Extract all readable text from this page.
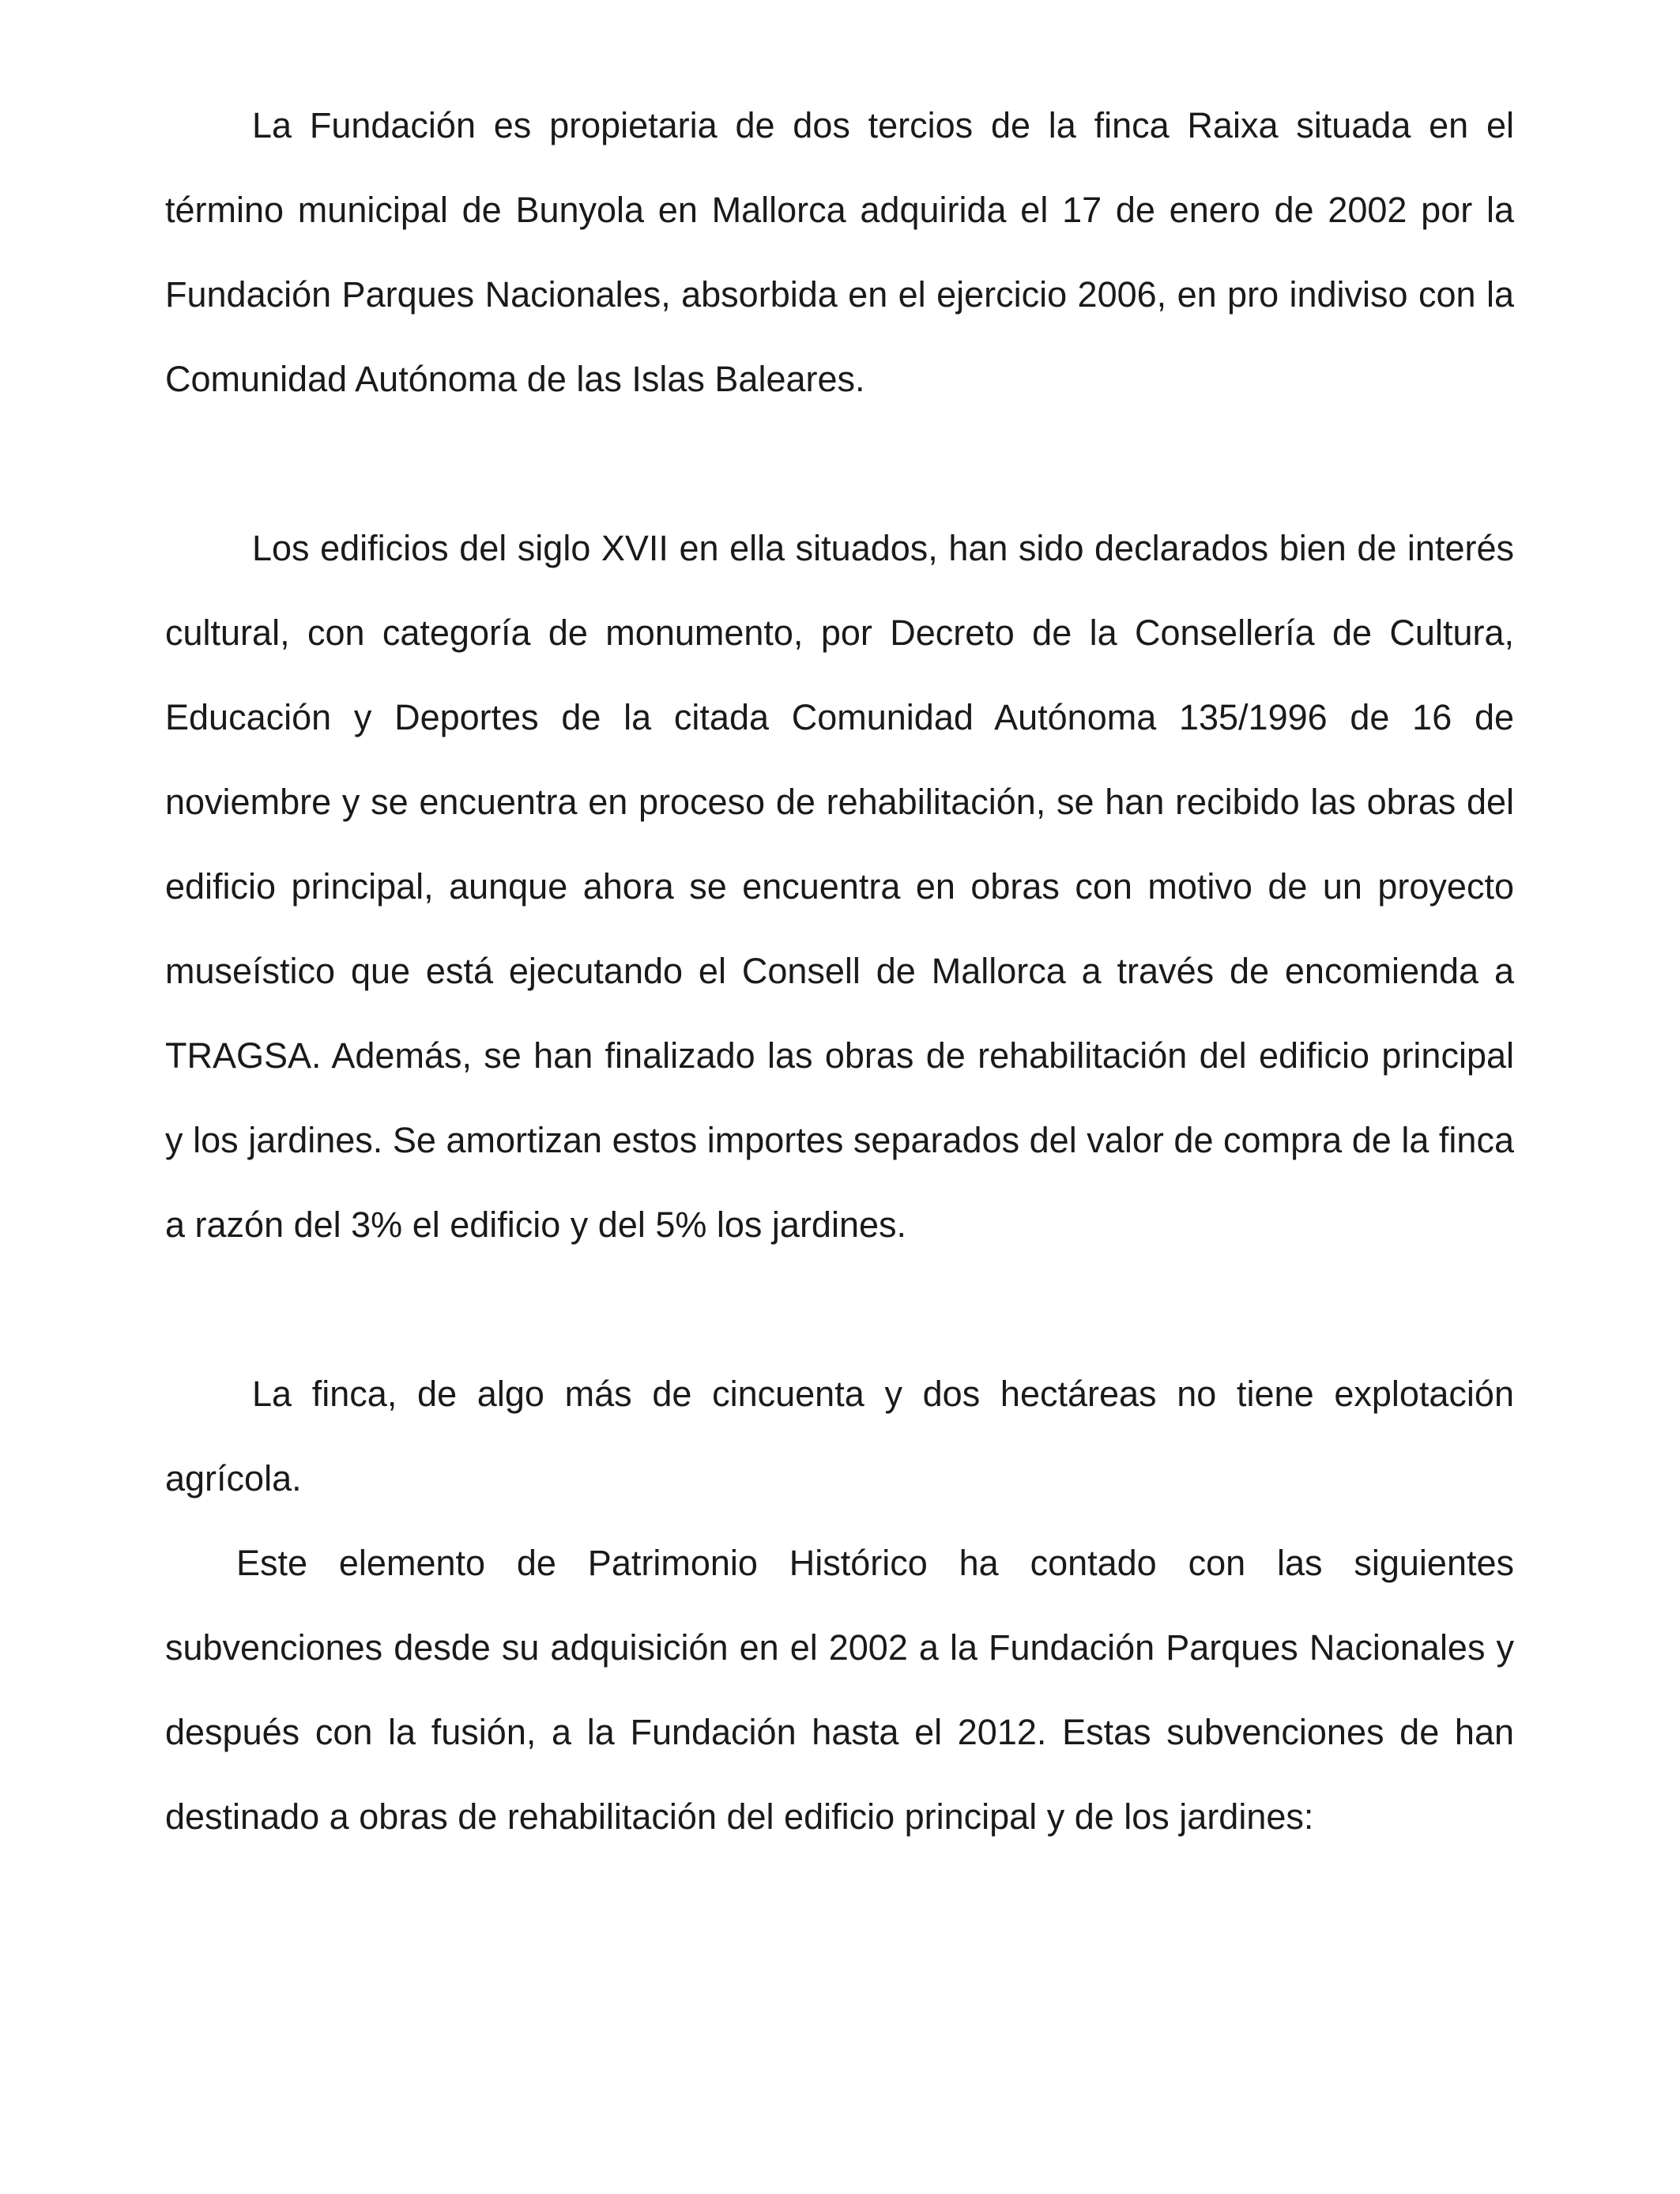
La Fundación es propietaria de dos tercios de la finca Raixa situada en el término municipal de Bunyola en Mallorca adquirida el 17 de enero de 2002 por la Fundación Parques Nacionales, absorbida en el ejercicio 2006, en pro indiviso con la Comunidad Autónoma de las Islas Baleares.

Los edificios del siglo XVII en ella situados, han sido declarados bien de interés cultural, con categoría de monumento, por Decreto de la Consellería de Cultura, Educación y Deportes de la citada Comunidad Autónoma 135/1996 de 16 de noviembre y se encuentra en proceso de rehabilitación, se han recibido las obras del edificio principal, aunque ahora se encuentra en obras con motivo de un proyecto museístico que está ejecutando el Consell de Mallorca a través de encomienda a TRAGSA. Además, se han finalizado las obras de rehabilitación del edificio principal y los jardines. Se amortizan estos importes separados del valor de compra de la finca a razón del 3% el edificio y del 5% los jardines.

La finca, de algo más de cincuenta y dos hectáreas no tiene explotación agrícola.

Este elemento de Patrimonio Histórico ha contado con las siguientes subvenciones desde su adquisición en el 2002 a la Fundación Parques Nacionales y después con la fusión, a la Fundación hasta el 2012. Estas subvenciones de han destinado a obras de rehabilitación del edificio principal y de los jardines:
